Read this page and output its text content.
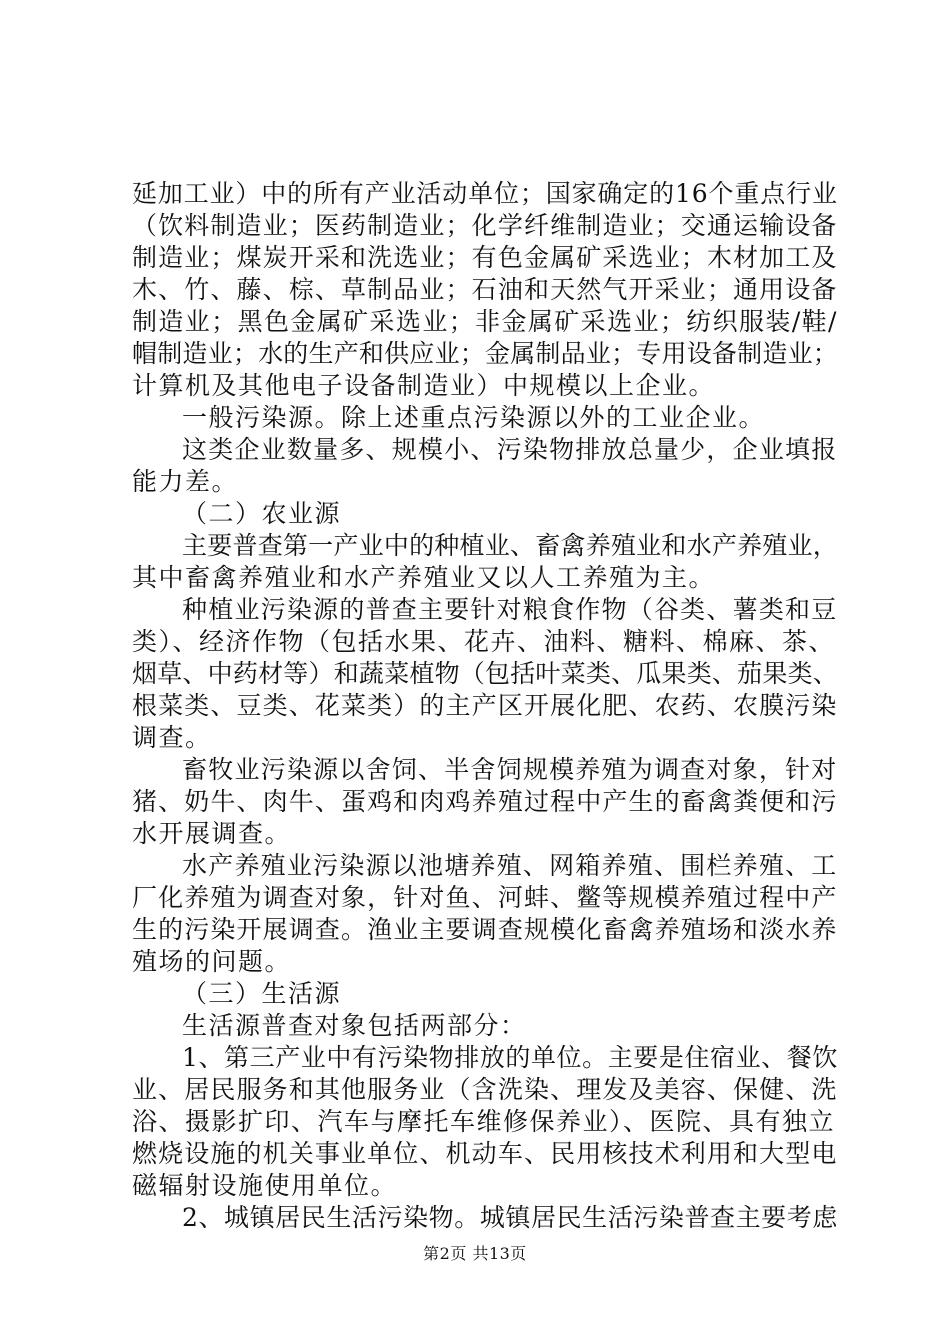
延加工业）中的所有产业活动单位；国家确定的16个重点行业
（饮料制造业；医药制造业；化学纤维制造业；交通运输设备
制造业；煤炭开采和洗选业；有色金属矿采选业；木材加工及
木、竹、藤、棕、草制品业；石油和天然气开采业；通用设备
制造业；黑色金属矿采选业；非金属矿采选业；纺织服装/鞋/
帽制造业；水的生产和供应业；金属制品业；专用设备制造业；
计算机及其他电子设备制造业）中规模以上企业。
一般污染源。除上述重点污染源以外的工业企业。
这类企业数量多、规模小、污染物排放总量少，企业填报
能力差。
（二）农业源
主要普查第一产业中的种植业、畜禽养殖业和水产养殖业，
其中畜禽养殖业和水产养殖业又以人工养殖为主。
种植业污染源的普查主要针对粮食作物（谷类、薯类和豆
类）、经济作物（包括水果、花卉、油料、糖料、棉麻、茶、
烟草、中药材等）和蔬菜植物（包括叶菜类、瓜果类、茄果类、
根菜类、豆类、花菜类）的主产区开展化肥、农药、农膜污染
调查。
畜牧业污染源以舍饲、半舍饲规模养殖为调查对象，针对
猪、奶牛、肉牛、蛋鸡和肉鸡养殖过程中产生的畜禽粪便和污
水开展调查。
水产养殖业污染源以池塘养殖、网箱养殖、围栏养殖、工
厂化养殖为调查对象，针对鱼、河蚌、鳖等规模养殖过程中产
生的污染开展调查。渔业主要调查规模化畜禽养殖场和淡水养
殖场的问题。
（三）生活源
生活源普查对象包括两部分：
1、第三产业中有污染物排放的单位。主要是住宿业、餐饮
业、居民服务和其他服务业（含洗染、理发及美容、保健、洗
浴、摄影扩印、汽车与摩托车维修保养业）、医院、具有独立
燃烧设施的机关事业单位、机动车、民用核技术利用和大型电
磁辐射设施使用单位。
2、城镇居民生活污染物。城镇居民生活污染普查主要考虑
第2页 共13页
